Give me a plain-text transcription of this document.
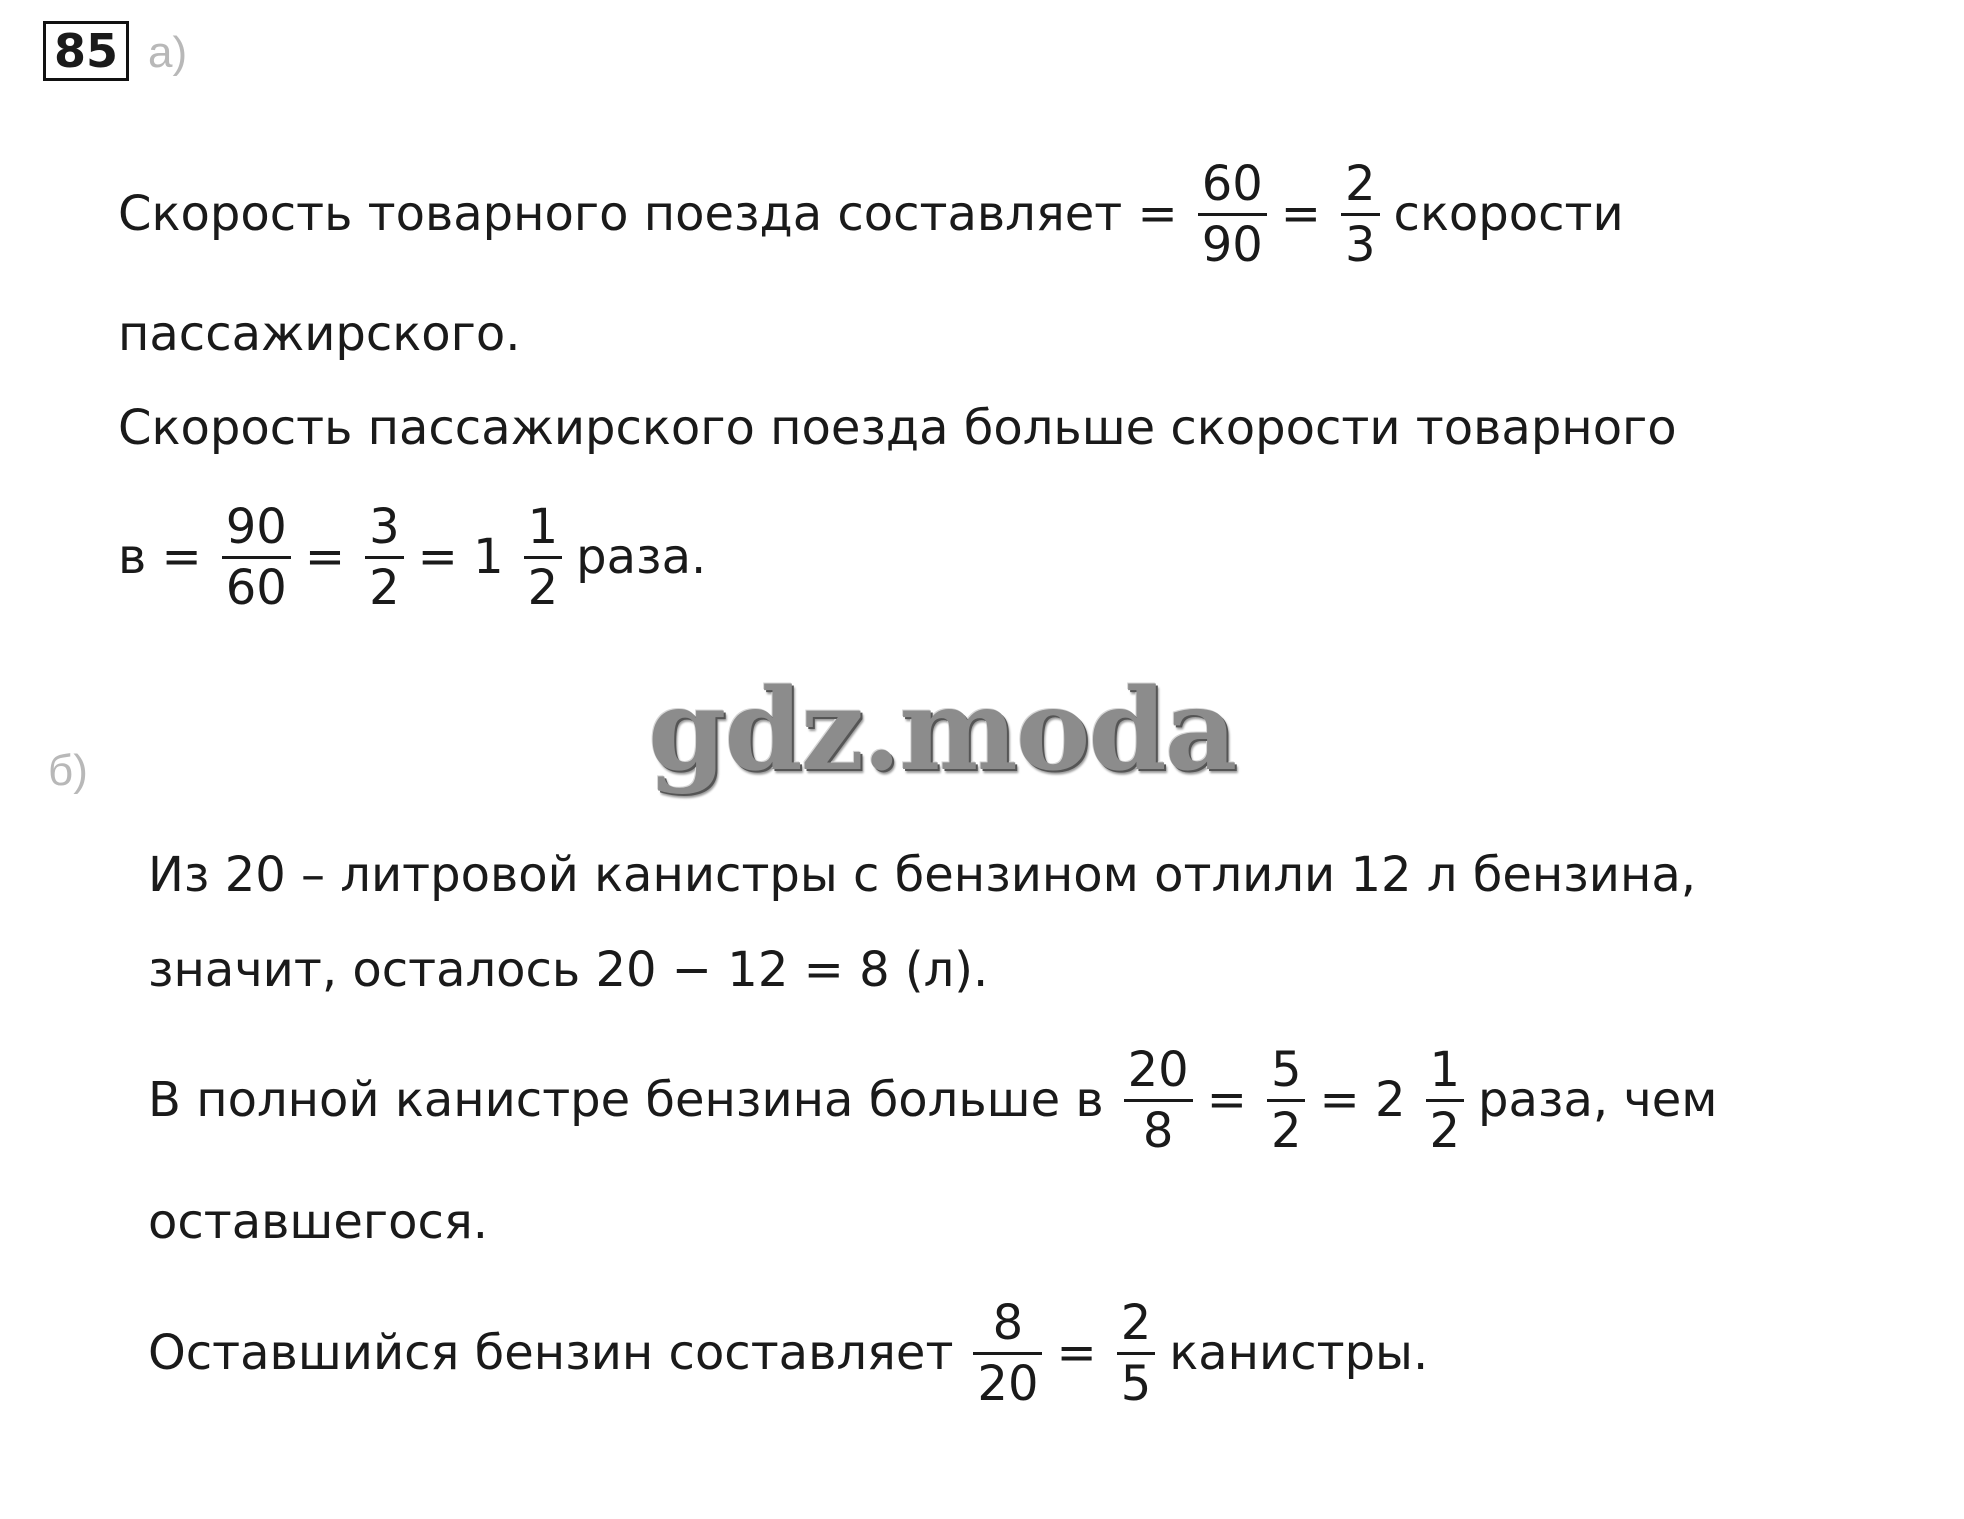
85 а)
Скорость товарного поезда составляет = $\frac{60}{90} = \frac{2}{3}$ скорости
пассажирского.
Скорость пассажирского поезда больше скорости товарного
$в = \frac{90}{60} = \frac{3}{2} = 1 \frac{1}{2}$ раза.
gdz.moda
б)
Из 20 – литровой канистры с бензином отлили 12 л бензина,
значит, осталось 20 − 12 = 8 (л).
В полной канистре бензина больше в $\frac{20}{8} = \frac{5}{2} = 2 \frac{1}{2}$ раза, чем
оставшегося.
Оставшийся бензин составляет $\frac{8}{20} = \frac{2}{5}$ канистры.
